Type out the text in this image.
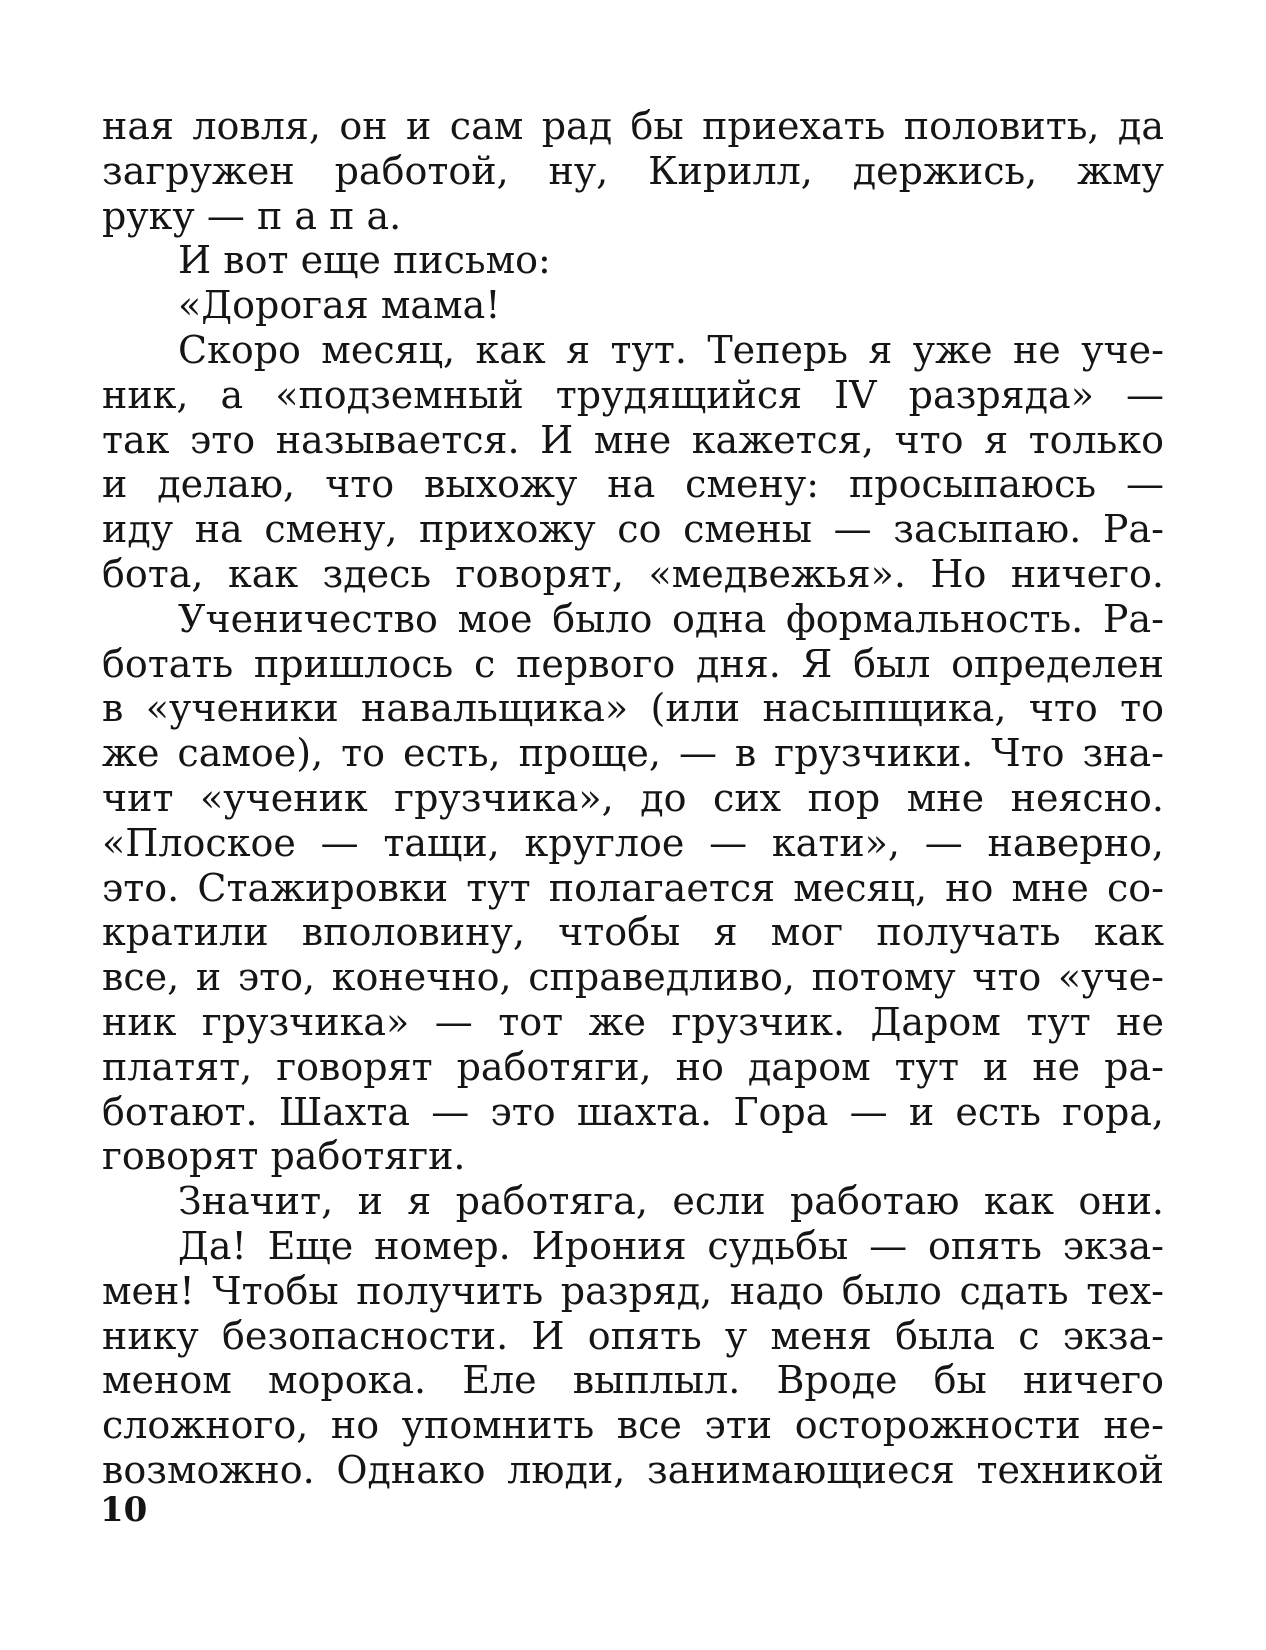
ная ловля, он и сам рад бы приехать половить, да
загружен работой, ну, Кирилл, держись, жму
руку — п а п а.
И вот еще письмо:
«Дорогая мама!
Скоро месяц, как я тут. Теперь я уже не уче-
ник, а «подземный трудящийся IV разряда» —
так это называется. И мне кажется, что я только
и делаю, что выхожу на смену: просыпаюсь —
иду на смену, прихожу со смены — засыпаю. Ра-
бота, как здесь говорят, «медвежья». Но ничего.
Ученичество мое было одна формальность. Ра-
ботать пришлось с первого дня. Я был определен
в «ученики навальщика» (или насыпщика, что то
же самое), то есть, проще, — в грузчики. Что зна-
чит «ученик грузчика», до сих пор мне неясно.
«Плоское — тащи, круглое — кати», — наверно,
это. Стажировки тут полагается месяц, но мне со-
кратили вполовину, чтобы я мог получать как
все, и это, конечно, справедливо, потому что «уче-
ник грузчика» — тот же грузчик. Даром тут не
платят, говорят работяги, но даром тут и не ра-
ботают. Шахта — это шахта. Гора — и есть гора,
говорят работяги.
Значит, и я работяга, если работаю как они.
Да! Еще номер. Ирония судьбы — опять экза-
мен! Чтобы получить разряд, надо было сдать тех-
нику безопасности. И опять у меня была с экза-
меном морока. Еле выплыл. Вроде бы ничего
сложного, но упомнить все эти осторожности не-
возможно. Однако люди, занимающиеся техникой
10
